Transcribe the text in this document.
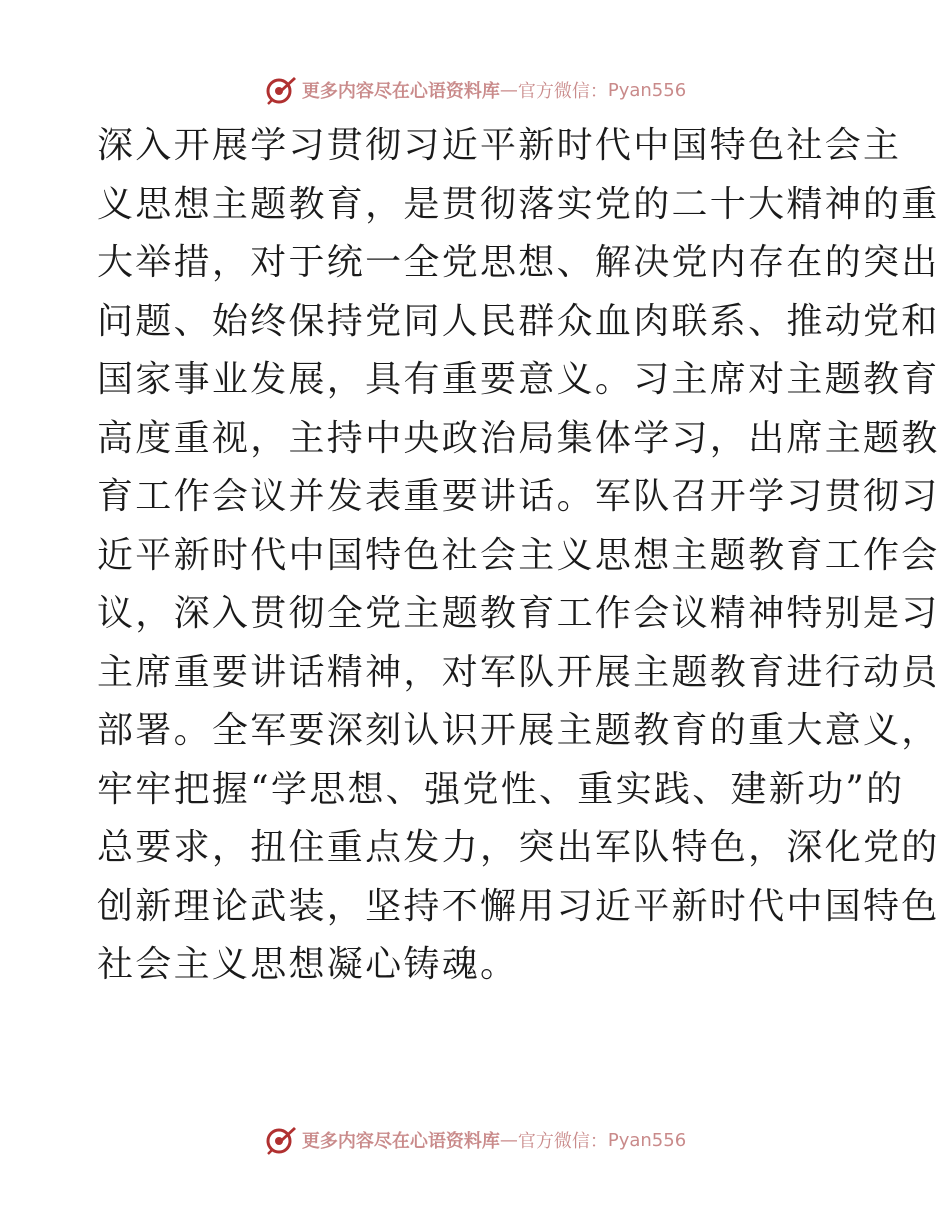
更多内容尽在心语资料库 — 官方微信： Pyan556
深入开展学习贯彻习近平新时代中国特色社会主
义思想主题教育，是贯彻落实党的二十大精神的重
大举措，对于统一全党思想、解决党内存在的突出
问题、始终保持党同人民群众血肉联系、推动党和
国家事业发展，具有重要意义。习主席对主题教育
高度重视，主持中央政治局集体学习，出席主题教
育工作会议并发表重要讲话。军队召开学习贯彻习
近平新时代中国特色社会主义思想主题教育工作会
议，深入贯彻全党主题教育工作会议精神特别是习
主席重要讲话精神，对军队开展主题教育进行动员
部署。全军要深刻认识开展主题教育的重大意义，
牢牢把握“学思想、强党性、重实践、建新功”的
总要求，扭住重点发力，突出军队特色，深化党的
创新理论武装，坚持不懈用习近平新时代中国特色
社会主义思想凝心铸魂。
更多内容尽在心语资料库 — 官方微信： Pyan556
